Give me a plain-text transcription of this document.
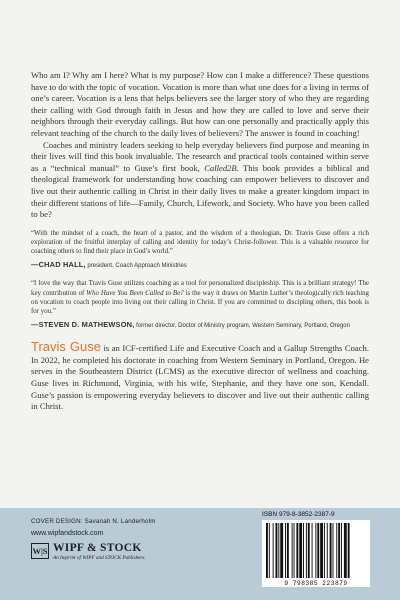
Who am I? Why am I here? What is my purpose? How can I make a difference? These questions have to do with the topic of vocation. Vocation is more than what one does for a living in terms of one’s career. Vocation is a lens that helps believers see the larger story of who they are regarding their calling with God through faith in Jesus and how they are called to love and serve their neighbors through their everyday callings. But how can one personally and practically apply this relevant teaching of the church to the daily lives of believers? The answer is found in coaching!

Coaches and ministry leaders seeking to help everyday believers find purpose and meaning in their lives will find this book invaluable. The research and practical tools contained within serve as a “technical manual” to Guse’s first book, Called2B. This book provides a biblical and theological framework for understanding how coaching can empower believers to discover and live out their authentic calling in Christ in their daily lives to make a greater kingdom impact in their different stations of life—Family, Church, Lifework, and Society. Who have you been called to be?

“With the mindset of a coach, the heart of a pastor, and the wisdom of a theologian, Dr. Travis Guse offers a rich exploration of the fruitful interplay of calling and identity for today’s Christ-follower. This is a valuable resource for coaching others to find their place in God’s world.”

—CHAD HALL, president, Coach Approach Ministries

“I love the way that Travis Guse utilizes coaching as a tool for personalized discipleship. This is a brilliant strategy! The key contribution of Who Have You Been Called to Be? is the way it draws on Martin Luther’s theologically rich teaching on vocation to coach people into living out their calling in Christ. If you are committed to discipling others, this book is for you.”

—STEVEN D. MATHEWSON, former director, Doctor of Ministry program, Western Seminary, Portland, Oregon

Travis Guse is an ICF-certified Life and Executive Coach and a Gallup Strengths Coach. In 2022, he completed his doctorate in coaching from Western Seminary in Portland, Oregon. He serves in the Southeastern District (LCMS) as the executive director of wellness and coaching. Guse lives in Richmond, Virginia, with his wife, Stephanie, and they have one son, Kendall. Guse’s passion is empowering everyday believers to discover and live out their authentic calling in Christ.

COVER DESIGN: Savanah N. Landerholm
www.wipfandstock.com
W|S WIPF & STOCK
An Imprint of WIPF and STOCK Publishers
ISBN 979-8-3852-2387-9
9 798385 223879
